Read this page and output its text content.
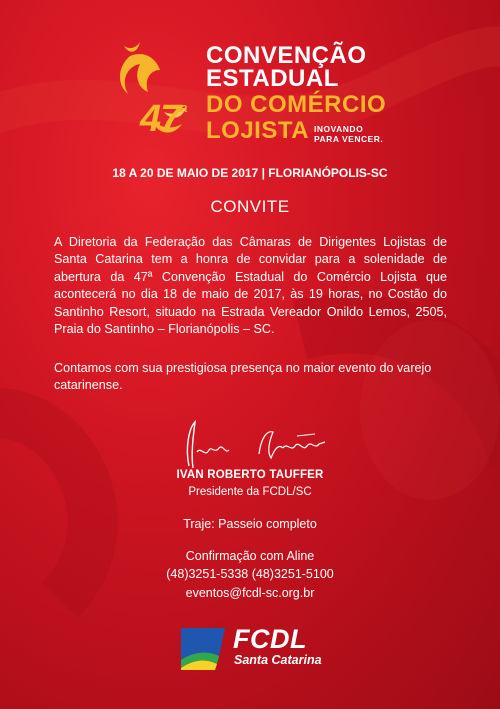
47$^a$
CONVENÇÃO
ESTADUAL
DO COMÉRCIO
LOJISTA INOVANDO
PARA VENCER.
18 A 20 DE MAIO DE 2017 | FLORIANÓPOLIS-SC
CONVITE

A Diretoria da Federação das Câmaras de Dirigentes Lojistas de Santa Catarina tem a honra de convidar para a solenidade de abertura da 47ª Convenção Estadual do Comércio Lojista que acontecerá no dia 18 de maio de 2017, às 19 horas, no Costão do Santinho Resort, situado na Estrada Vereador Onildo Lemos, 2505, Praia do Santinho – Florianópolis – SC.

Contamos com sua prestigiosa presença no maior evento do varejo catarinense.

IVAN ROBERTO TAUFFER
Presidente da FCDL/SC
Traje: Passeio completo
Confirmação com Aline
(48)3251-5338 (48)3251-5100
eventos@fcdl-sc.org.br
FCDL
Santa Catarina
